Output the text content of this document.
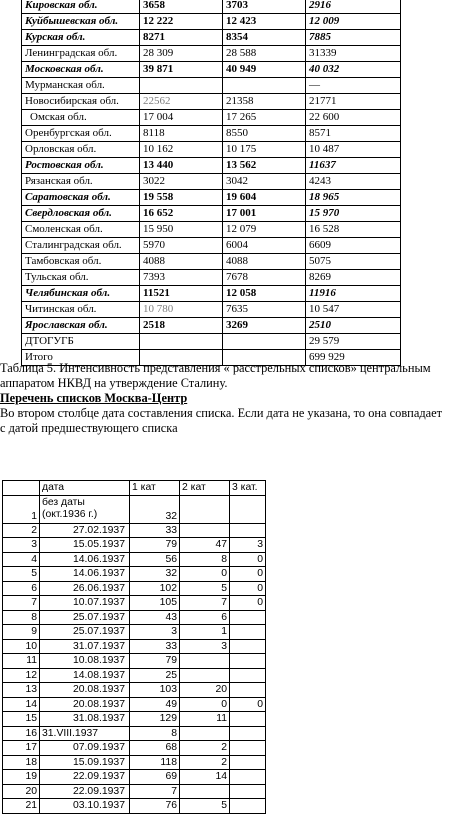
Кировская обл.	3658	3703	2916
Куйбышевская обл.	12 222	12 423	12 009
Курская обл.	8271	8354	7885
Ленинградская обл.	28 309	28 588	31339
Московская обл.	39 871	40 949	40 032
Мурманская обл.			—
Новосибирская обл.	22562	21358	21771
Омская обл.	17 004	17 265	22 600
Оренбургская обл.	8118	8550	8571
Орловская обл.	10 162	10 175	10 487
Ростовская обл.	13 440	13 562	11637
Рязанская обл.	3022	3042	4243
Саратовская обл.	19 558	19 604	18 965
Свердловская обл.	16 652	17 001	15 970
Смоленская обл.	15 950	12 079	16 528
Сталинградская обл.	5970	6004	6609
Тамбовская обл.	4088	4088	5075
Тульская обл.	7393	7678	8269
Челябинская обл.	11521	12 058	11916
Читинская обл.	10 780	7635	10 547
Ярославская обл.	2518	3269	2510
ДТОГУГБ			29 579
Итого			699 929

Таблица 5. Интенсивность представления « расстрельных списков» центральным аппаратом НКВД на утверждение Сталину.

Перечень списков Москва-Центр

Во втором столбце дата составления списка. Если дата не указана, то она совпадает с датой предшествующего списка

	дата	1 кат	2 кат	3 кат.
1	без даты (окт.1936 г.)	32		
2	27.02.1937	33		
3	15.05.1937	79	47	3
4	14.06.1937	56	8	0
5	14.06.1937	32	0	0
6	26.06.1937	102	5	0
7	10.07.1937	105	7	0
8	25.07.1937	43	6	
9	25.07.1937	3	1	
10	31.07.1937	33	3	
11	10.08.1937	79		
12	14.08.1937	25		
13	20.08.1937	103	20	
14	20.08.1937	49	0	0
15	31.08.1937	129	11	
16	31.VIII.1937	8		
17	07.09.1937	68	2	
18	15.09.1937	118	2	
19	22.09.1937	69	14	
20	22.09.1937	7		
21	03.10.1937	76	5	
